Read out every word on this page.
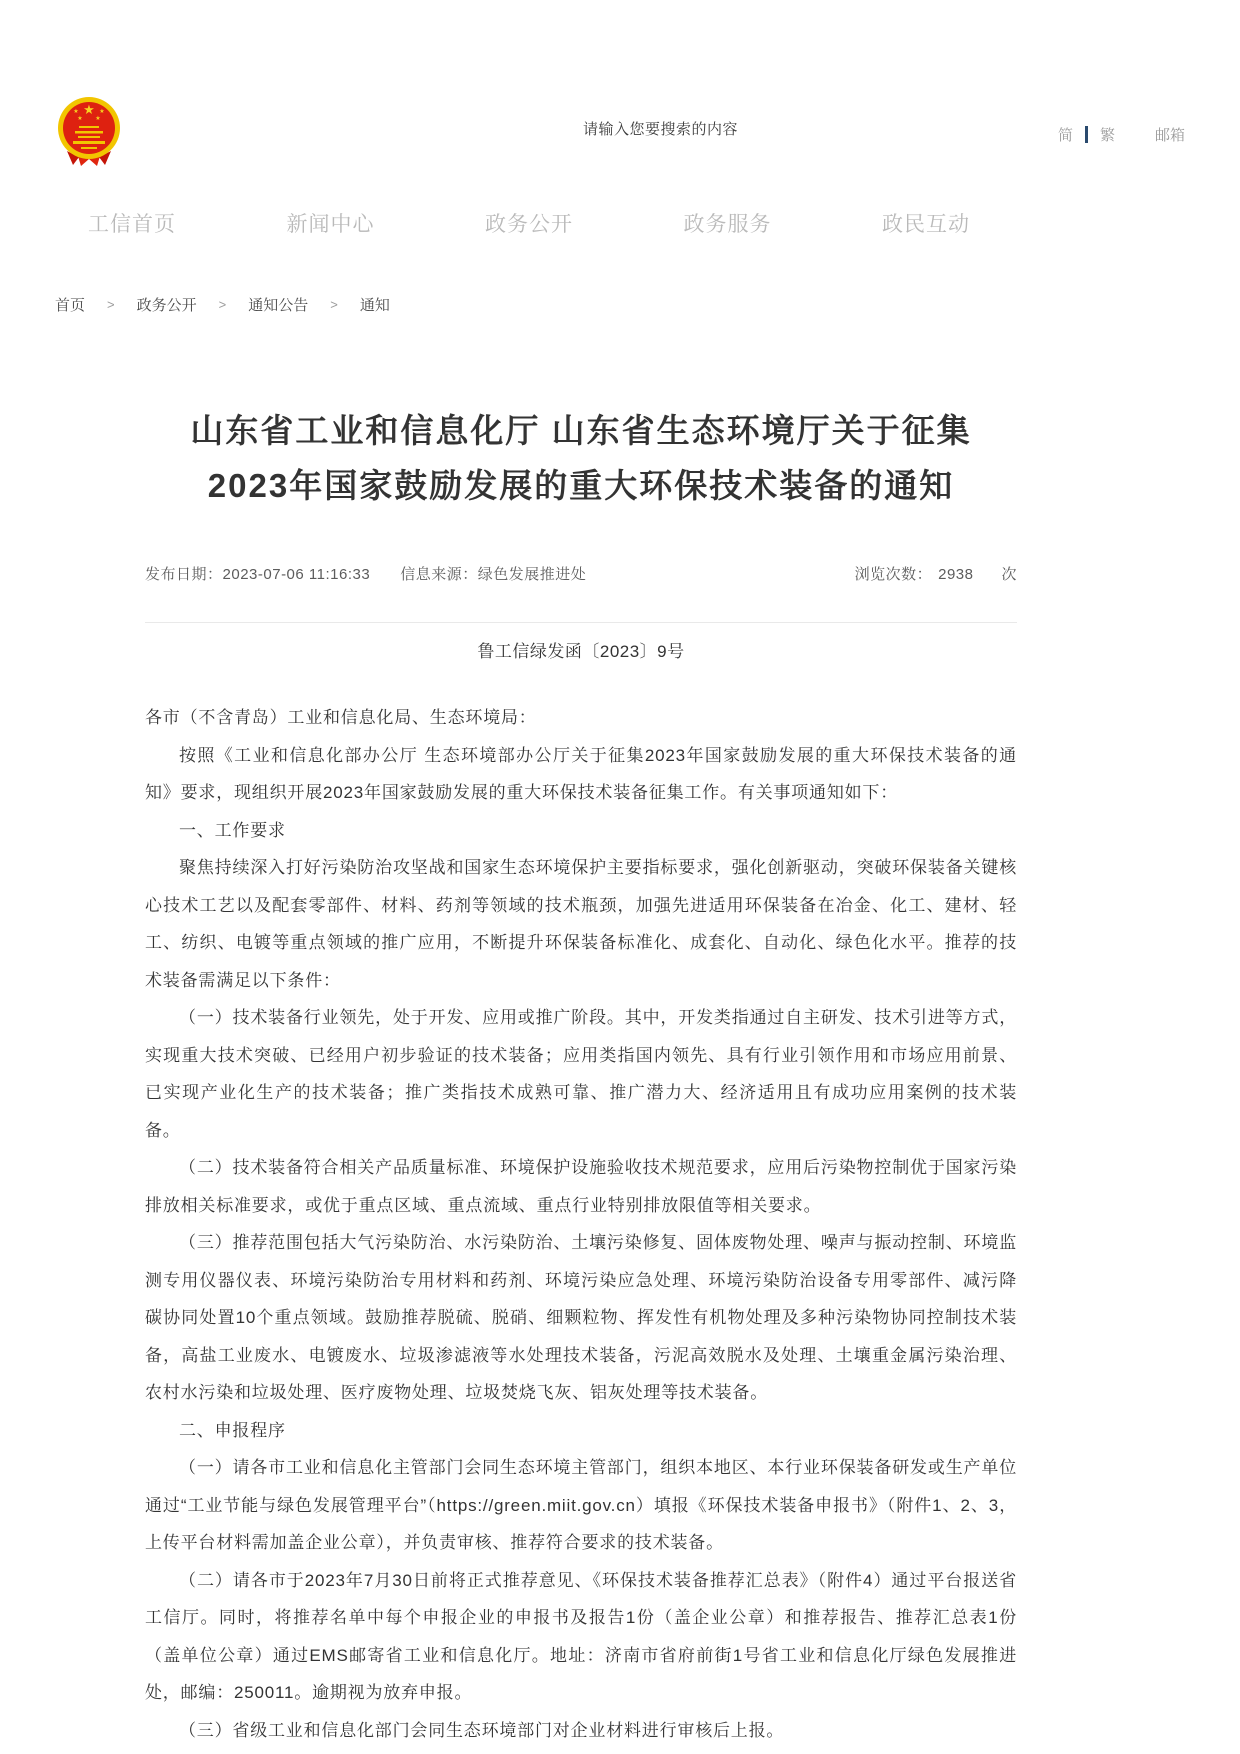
★
★	★
★ ★
请输入您要搜索的内容
简 繁	邮箱
工信首页	新闻中心	政务公开	政务服务	政民互动
首页 > 政务公开 > 通知公告 > 通知
山东省工业和信息化厅 山东省生态环境厅关于征集
2023年国家鼓励发展的重大环保技术装备的通知
发布日期：2023-07-06 11:16:33 信息来源：绿色发展推进处	浏览次数： 2938 次
鲁工信绿发函〔2023〕9号

各市（不含青岛）工业和信息化局、生态环境局：

按照《工业和信息化部办公厅 生态环境部办公厅关于征集2023年国家鼓励发展的重大环保技术装备的通知》要求，现组织开展2023年国家鼓励发展的重大环保技术装备征集工作。有关事项通知如下：

一、工作要求

聚焦持续深入打好污染防治攻坚战和国家生态环境保护主要指标要求，强化创新驱动，突破环保装备关键核心技术工艺以及配套零部件、材料、药剂等领域的技术瓶颈，加强先进适用环保装备在冶金、化工、建材、轻工、纺织、电镀等重点领域的推广应用，不断提升环保装备标准化、成套化、自动化、绿色化水平。推荐的技术装备需满足以下条件：

（一）技术装备行业领先，处于开发、应用或推广阶段。其中，开发类指通过自主研发、技术引进等方式，实现重大技术突破、已经用户初步验证的技术装备；应用类指国内领先、具有行业引领作用和市场应用前景、已实现产业化生产的技术装备；推广类指技术成熟可靠、推广潜力大、经济适用且有成功应用案例的技术装备。

（二）技术装备符合相关产品质量标准、环境保护设施验收技术规范要求，应用后污染物控制优于国家污染排放相关标准要求，或优于重点区域、重点流域、重点行业特别排放限值等相关要求。

（三）推荐范围包括大气污染防治、水污染防治、土壤污染修复、固体废物处理、噪声与振动控制、环境监测专用仪器仪表、环境污染防治专用材料和药剂、环境污染应急处理、环境污染防治设备专用零部件、减污降碳协同处置10个重点领域。鼓励推荐脱硫、脱硝、细颗粒物、挥发性有机物处理及多种污染物协同控制技术装备，高盐工业废水、电镀废水、垃圾渗滤液等水处理技术装备，污泥高效脱水及处理、土壤重金属污染治理、农村水污染和垃圾处理、医疗废物处理、垃圾焚烧飞灰、铝灰处理等技术装备。

二、申报程序

（一）请各市工业和信息化主管部门会同生态环境主管部门，组织本地区、本行业环保装备研发或生产单位通过“工业节能与绿色发展管理平台”（https://green.miit.gov.cn）填报《环保技术装备申报书》（附件1、2、3，上传平台材料需加盖企业公章），并负责审核、推荐符合要求的技术装备。

（二）请各市于2023年7月30日前将正式推荐意见、《环保技术装备推荐汇总表》（附件4）通过平台报送省工信厅。同时，将推荐名单中每个申报企业的申报书及报告1份（盖企业公章）和推荐报告、推荐汇总表1份（盖单位公章）通过EMS邮寄省工业和信息化厅。地址：济南市省府前街1号省工业和信息化厅绿色发展推进处，邮编：250011。逾期视为放弃申报。

（三）省级工业和信息化部门会同生态环境部门对企业材料进行审核后上报。
